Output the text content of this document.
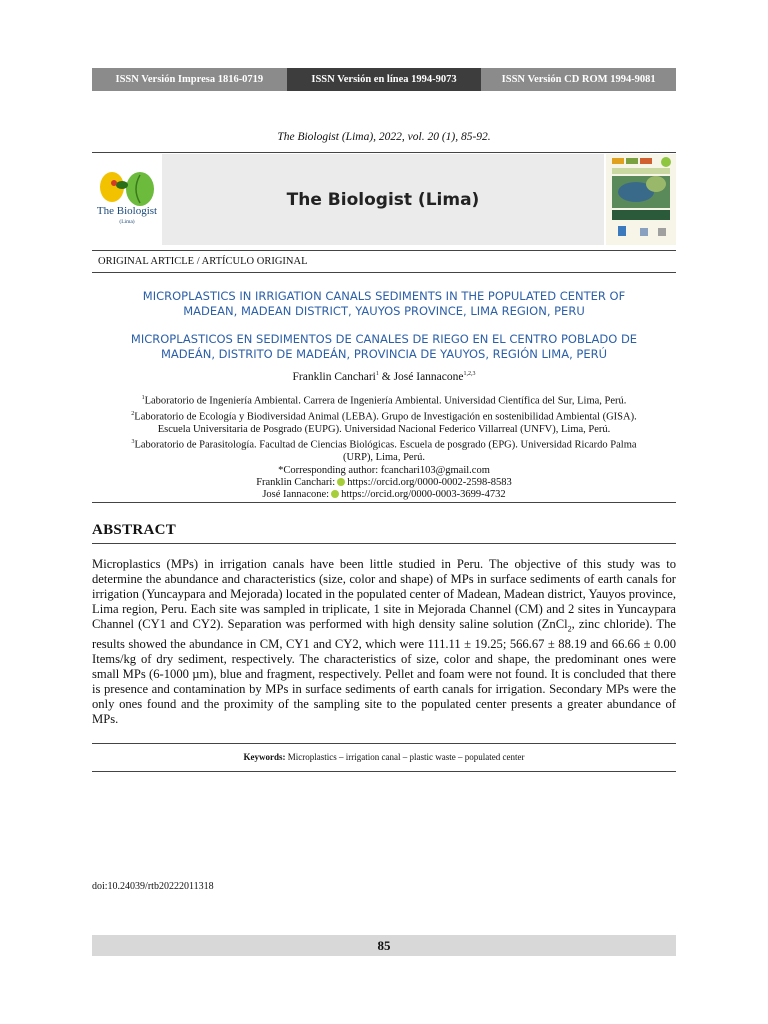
ISSN Versión Impresa 1816-0719	ISSN Versión en línea 1994-9073	ISSN Versión CD ROM 1994-9081
The Biologist (Lima), 2022, vol. 20 (1), 85-92.
The Biologist
(Lima)
The Biologist (Lima)
ORIGINAL ARTICLE / ARTÍCULO ORIGINAL
MICROPLASTICS IN IRRIGATION CANALS SEDIMENTS IN THE POPULATED CENTER OF
MADEAN, MADEAN DISTRICT, YAUYOS PROVINCE, LIMA REGION, PERU
MICROPLASTICOS EN SEDIMENTOS DE CANALES DE RIEGO EN EL CENTRO POBLADO DE
MADEÁN, DISTRITO DE MADEÁN, PROVINCIA DE YAUYOS, REGIÓN LIMA, PERÚ
Franklin Canchari$^1$ & José Iannacone$^{1,2,3}$
$^1$Laboratorio de Ingeniería Ambiental. Carrera de Ingeniería Ambiental. Universidad Científica del Sur, Lima, Perú.
$^2$Laboratorio de Ecología y Biodiversidad Animal (LEBA). Grupo de Investigación en sostenibilidad Ambiental (GISA).
Escuela Universitaria de Posgrado (EUPG). Universidad Nacional Federico Villarreal (UNFV), Lima, Perú.
$^3$Laboratorio de Parasitología. Facultad de Ciencias Biológicas. Escuela de posgrado (EPG). Universidad Ricardo Palma
(URP), Lima, Perú.
*Corresponding author: fcanchari103@gmail.com
Franklin Canchari: https://orcid.org/0000-0002-2598-8583
José Iannacone: https://orcid.org/0000-0003-3699-4732
ABSTRACT
Microplastics (MPs) in irrigation canals have been little studied in Peru. The objective of this study was to determine the abundance and characteristics (size, color and shape) of MPs in surface sediments of earth canals for irrigation (Yuncaypara and Mejorada) located in the populated center of Madean, Madean district, Yauyos province, Lima region, Peru. Each site was sampled in triplicate, 1 site in Mejorada Channel (CM) and 2 sites in Yuncaypara Channel (CY1 and CY2). Separation was performed with high density saline solution (ZnCl$_2$, zinc chloride). The results showed the abundance in CM, CY1 and CY2, which were 111.11 ± 19.25; 566.67 ± 88.19 and 66.66 ± 0.00 Items/kg of dry sediment, respectively. The characteristics of size, color and shape, the predominant ones were small MPs (6-1000 µm), blue and fragment, respectively. Pellet and foam were not found. It is concluded that there is presence and contamination by MPs in surface sediments of earth canals for irrigation. Secondary MPs were the only ones found and the proximity of the sampling site to the populated center presents a greater abundance of MPs.
Keywords: Microplastics – irrigation canal – plastic waste – populated center
doi:10.24039/rtb20222011318
85
